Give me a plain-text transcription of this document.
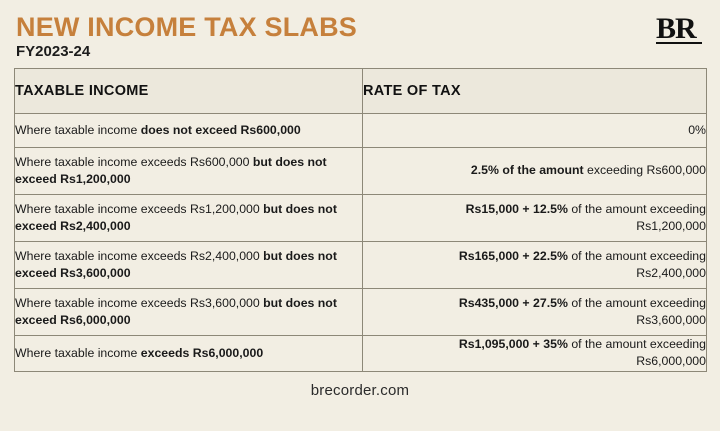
NEW INCOME TAX SLABS
FY2023-24
BR
TAXABLE INCOME	RATE OF TAX
Where taxable income does not exceed Rs600,000	0%
Where taxable income exceeds Rs600,000 but does not exceed Rs1,200,000	2.5% of the amount exceeding Rs600,000
Where taxable income exceeds Rs1,200,000 but does not exceed Rs2,400,000	Rs15,000 + 12.5% of the amount exceeding
Rs1,200,000
Where taxable income exceeds Rs2,400,000 but does not exceed Rs3,600,000	Rs165,000 + 22.5% of the amount exceeding
Rs2,400,000
Where taxable income exceeds Rs3,600,000 but does not exceed Rs6,000,000	Rs435,000 + 27.5% of the amount exceeding
Rs3,600,000
Where taxable income exceeds Rs6,000,000	Rs1,095,000 + 35% of the amount exceeding
Rs6,000,000
brecorder.com
